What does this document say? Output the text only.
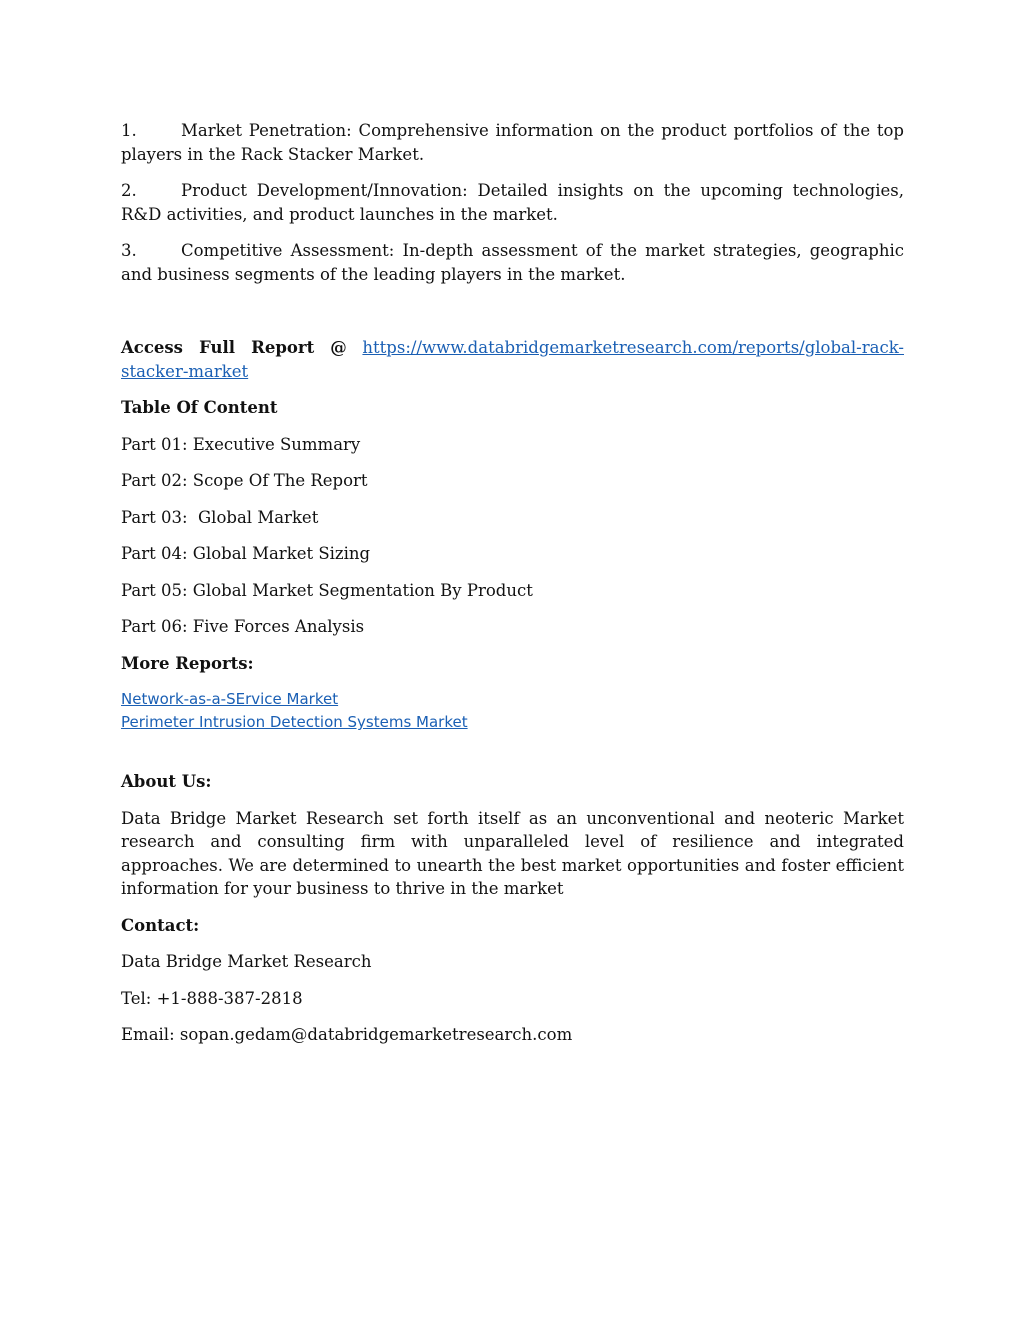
1.	Market Penetration: Comprehensive information on the product portfolios of the top players in the Rack Stacker Market.
2.	Product Development/Innovation: Detailed insights on the upcoming technologies, R&D activities, and product launches in the market.
3.	Competitive Assessment: In-depth assessment of the market strategies, geographic and business segments of the leading players in the market.
Access Full Report @ https://www.databridgemarketresearch.com/reports/global-rack-stacker-market
Table Of Content
Part 01: Executive Summary
Part 02: Scope Of The Report
Part 03:  Global Market
Part 04: Global Market Sizing
Part 05: Global Market Segmentation By Product
Part 06: Five Forces Analysis
More Reports:
Network-as-a-SErvice Market
Perimeter Intrusion Detection Systems Market
About Us:
Data Bridge Market Research set forth itself as an unconventional and neoteric Market research and consulting firm with unparalleled level of resilience and integrated approaches. We are determined to unearth the best market opportunities and foster efficient information for your business to thrive in the market
Contact:
Data Bridge Market Research
Tel: +1-888-387-2818
Email: sopan.gedam@databridgemarketresearch.com
